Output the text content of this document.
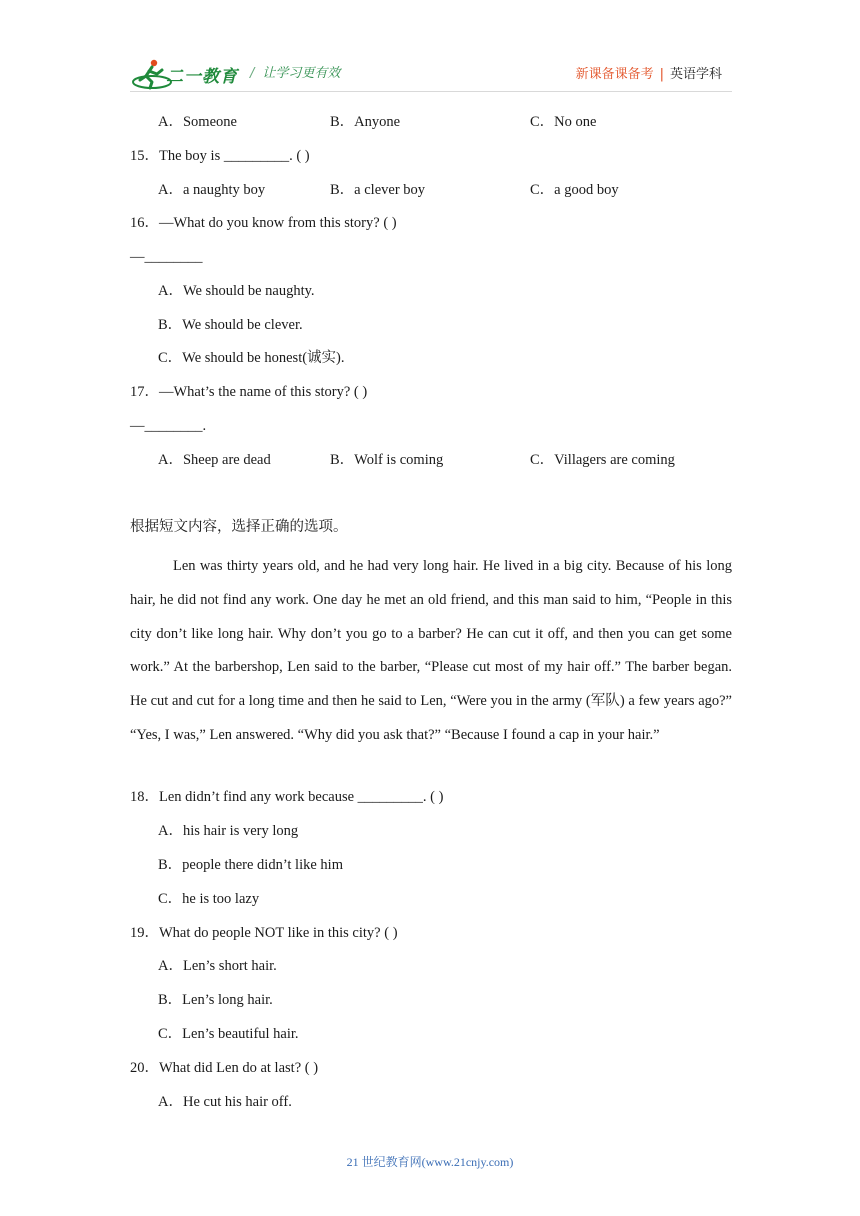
二一教育 / 让学习更有效	新课备课备考 | 英语学科
A．Someone	B．Anyone	C．No one
15．The boy is _________. ( )
A．a naughty boy	B．a clever boy	C．a good boy
16．—What do you know from this story? ( )
—________
A．We should be naughty.
B．We should be clever.
C．We should be honest(诚实).
17．—What’s the name of this story? ( )
—________.
A．Sheep are dead	B．Wolf is coming	C．Villagers are coming
根据短文内容，选择正确的选项。
Len was thirty years old, and he had very long hair. He lived in a big city. Because of his long hair, he did not find any work. One day he met an old friend, and this man said to him, “People in this city don’t like long hair. Why don’t you go to a barber? He can cut it off, and then you can get some work.” At the barbershop, Len said to the barber, “Please cut most of my hair off.” The barber began. He cut and cut for a long time and then he said to Len, “Were you in the army (军队) a few years ago?” “Yes, I was,” Len answered. “Why did you ask that?” “Because I found a cap in your hair.”
18．Len didn’t find any work because _________. ( )
A．his hair is very long
B．people there didn’t like him
C．he is too lazy
19．What do people NOT like in this city? ( )
A．Len’s short hair.
B．Len’s long hair.
C．Len’s beautiful hair.
20．What did Len do at last? ( )
A．He cut his hair off.
21 世纪教育网(www.21cnjy.com)
